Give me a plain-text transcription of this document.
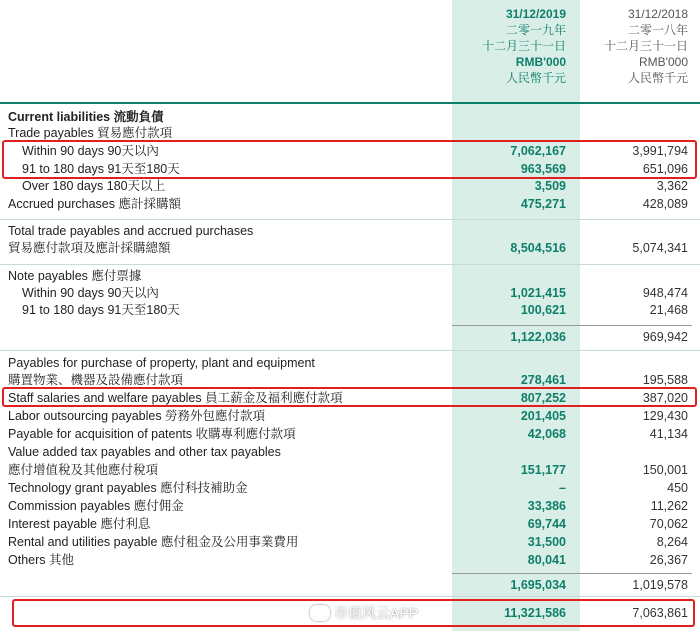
31/12/2019
二零一九年
十二月三十一日
RMB'000
人民幣千元
31/12/2018
二零一八年
十二月三十一日
RMB'000
人民幣千元
Current liabilities 流動負債
Trade payables 貿易應付款項
Within 90 days 90天以內	7,062,167	3,991,794
91 to 180 days 91天至180天	963,569	651,096
Over 180 days 180天以上	3,509	3,362
Accrued purchases 應計採購額	475,271	428,089
Total trade payables and accrued purchases
貿易應付款項及應計採購總額	8,504,516	5,074,341
Note payables 應付票據
Within 90 days 90天以內	1,021,415	948,474
91 to 180 days 91天至180天	100,621	21,468
1,122,036	969,942
Payables for purchase of property, plant and equipment
購置物業、機器及設備應付款項	278,461	195,588
Staff salaries and welfare payables 員工薪金及福利應付款項	807,252	387,020
Labor outsourcing payables 勞務外包應付款項	201,405	129,430
Payable for acquisition of patents 收購專利應付款項	42,068	41,134
Value added tax payables and other tax payables
應付增值稅及其他應付稅項	151,177	150,001
Technology grant payables 應付科技補助金	–	450
Commission payables 應付佣金	33,386	11,262
Interest payable 應付利息	69,744	70,062
Rental and utilities payable 應付租金及公用事業費用	31,500	8,264
Others 其他	80,041	26,367
1,695,034	1,019,578
11,321,586	7,063,861
市值风云APP
